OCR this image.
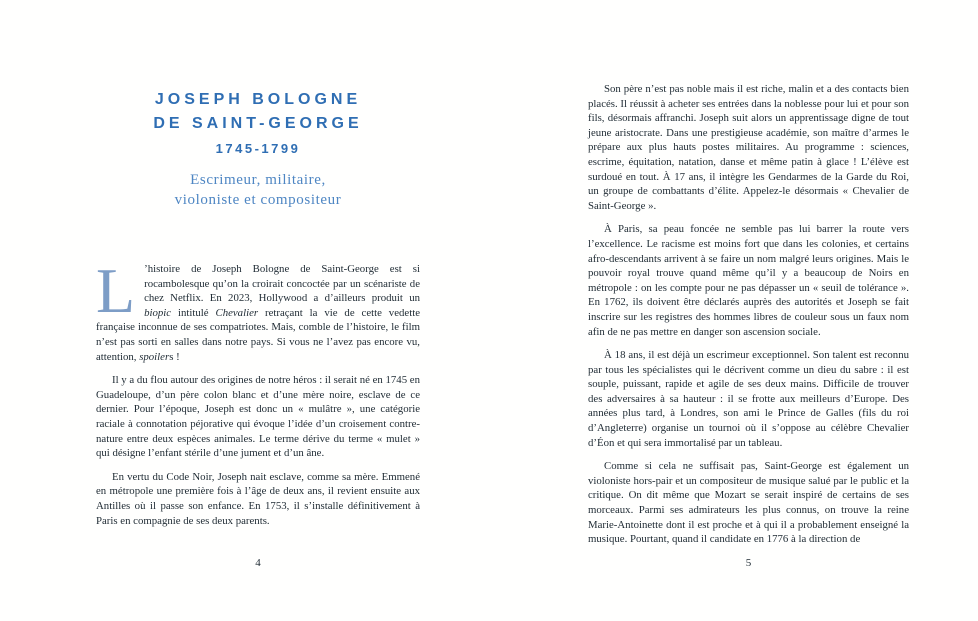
JOSEPH BOLOGNE
DE SAINT-GEORGE
1745-1799
Escrimeur, militaire,
violoniste et compositeur

L ’histoire de Joseph Bologne de Saint-George est si rocambolesque qu’on la croirait concoctée par un scénariste de chez Netflix. En 2023, Hollywood a d’ailleurs produit un biopic intitulé Chevalier retraçant la vie de cette vedette française inconnue de ses compatriotes. Mais, comble de l’histoire, le film n’est pas sorti en salles dans notre pays. Si vous ne l’avez pas encore vu, attention, spoilers !

Il y a du flou autour des origines de notre héros : il serait né en 1745 en Guadeloupe, d’un père colon blanc et d’une mère noire, esclave de ce dernier. Pour l’époque, Joseph est donc un « mulâtre », une catégorie raciale à connotation péjorative qui évoque l’idée d’un croisement contre-nature entre deux espèces animales. Le terme dérive du terme « mulet » qui désigne l’enfant stérile d’une jument et d’un âne.

En vertu du Code Noir, Joseph nait esclave, comme sa mère. Emmené en métropole une première fois à l’âge de deux ans, il revient ensuite aux Antilles où il passe son enfance. En 1753, il s’installe définitivement à Paris en compagnie de ses deux parents.

4

Son père n’est pas noble mais il est riche, malin et a des contacts bien placés. Il réussit à acheter ses entrées dans la noblesse pour lui et pour son fils, désormais affranchi. Joseph suit alors un apprentissage digne de tout jeune aristocrate. Dans une prestigieuse académie, son maître d’armes le prépare aux plus hauts postes militaires. Au programme : sciences, escrime, équitation, natation, danse et même patin à glace ! L’élève est surdoué en tout. À 17 ans, il intègre les Gendarmes de la Garde du Roi, un groupe de combattants d’élite. Appelez-le désormais « Chevalier de Saint-George ».

À Paris, sa peau foncée ne semble pas lui barrer la route vers l’excellence. Le racisme est moins fort que dans les colonies, et certains afro-descendants arrivent à se faire un nom malgré leurs origines. Mais le pouvoir royal trouve quand même qu’il y a beaucoup de Noirs en métropole : on les compte pour ne pas dépasser un « seuil de tolérance ». En 1762, ils doivent être déclarés auprès des autorités et Joseph se fait inscrire sur les registres des hommes libres de couleur sous un faux nom afin de ne pas mettre en danger son ascension sociale.

À 18 ans, il est déjà un escrimeur exceptionnel. Son talent est reconnu par tous les spécialistes qui le décrivent comme un dieu du sabre : il est souple, puissant, rapide et agile de ses deux mains. Difficile de trouver des adversaires à sa hauteur : il se frotte aux meilleurs d’Europe. Des années plus tard, à Londres, son ami le Prince de Galles (fils du roi d’Angleterre) organise un tournoi où il s’oppose au célèbre Chevalier d’Éon et qui sera immortalisé par un tableau.

Comme si cela ne suffisait pas, Saint-George est également un violoniste hors-pair et un compositeur de musique salué par le public et la critique. On dit même que Mozart se serait inspiré de certains de ses morceaux. Parmi ses admirateurs les plus connus, on trouve la reine Marie-Antoinette dont il est proche et à qui il a probablement enseigné la musique. Pourtant, quand il candidate en 1776 à la direction de

5
